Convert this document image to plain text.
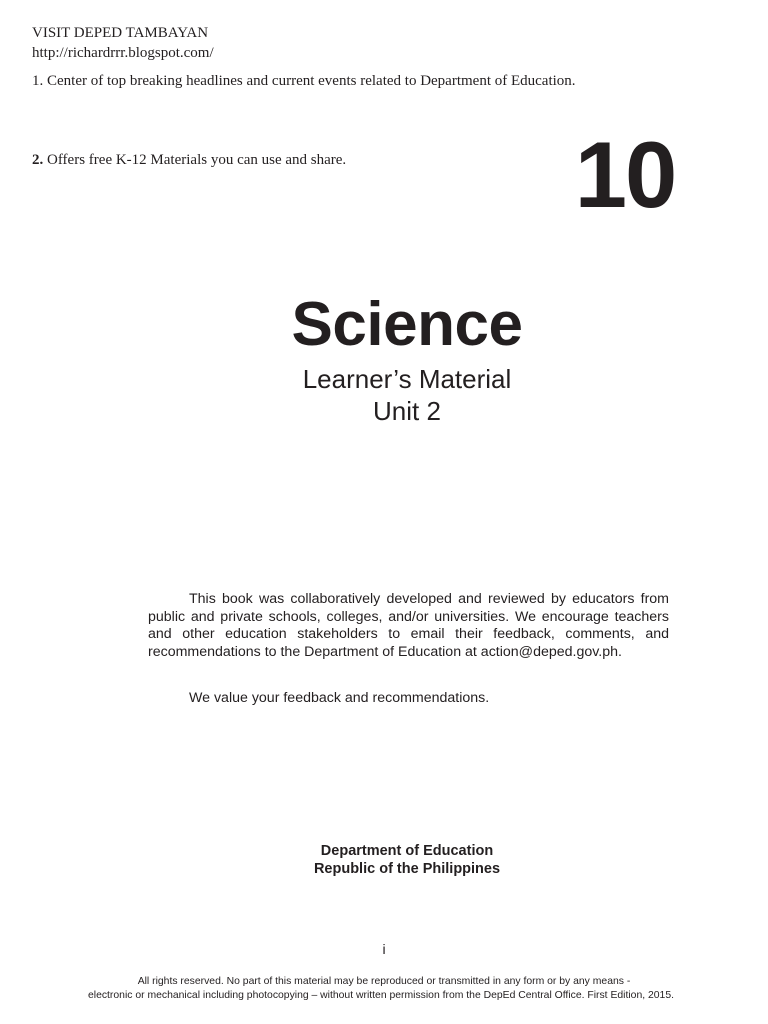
VISIT DEPED TAMBAYAN
http://richardrrr.blogspot.com/
1. Center of top breaking headlines and current events related to Department of Education.
2. Offers free K-12 Materials you can use and share. 10
Science
Learner’s Material
Unit 2

This book was collaboratively developed and reviewed by educators from public and private schools, colleges, and/or universities. We encourage teachers and other education stakeholders to email their feedback, comments, and recommendations to the Department of Education at action@deped.gov.ph.

We value your feedback and recommendations.
Department of Education
Republic of the Philippines
i
All rights reserved. No part of this material may be reproduced or transmitted in any form or by any means -
electronic or mechanical including photocopying – without written permission from the DepEd Central Office. First Edition, 2015.
